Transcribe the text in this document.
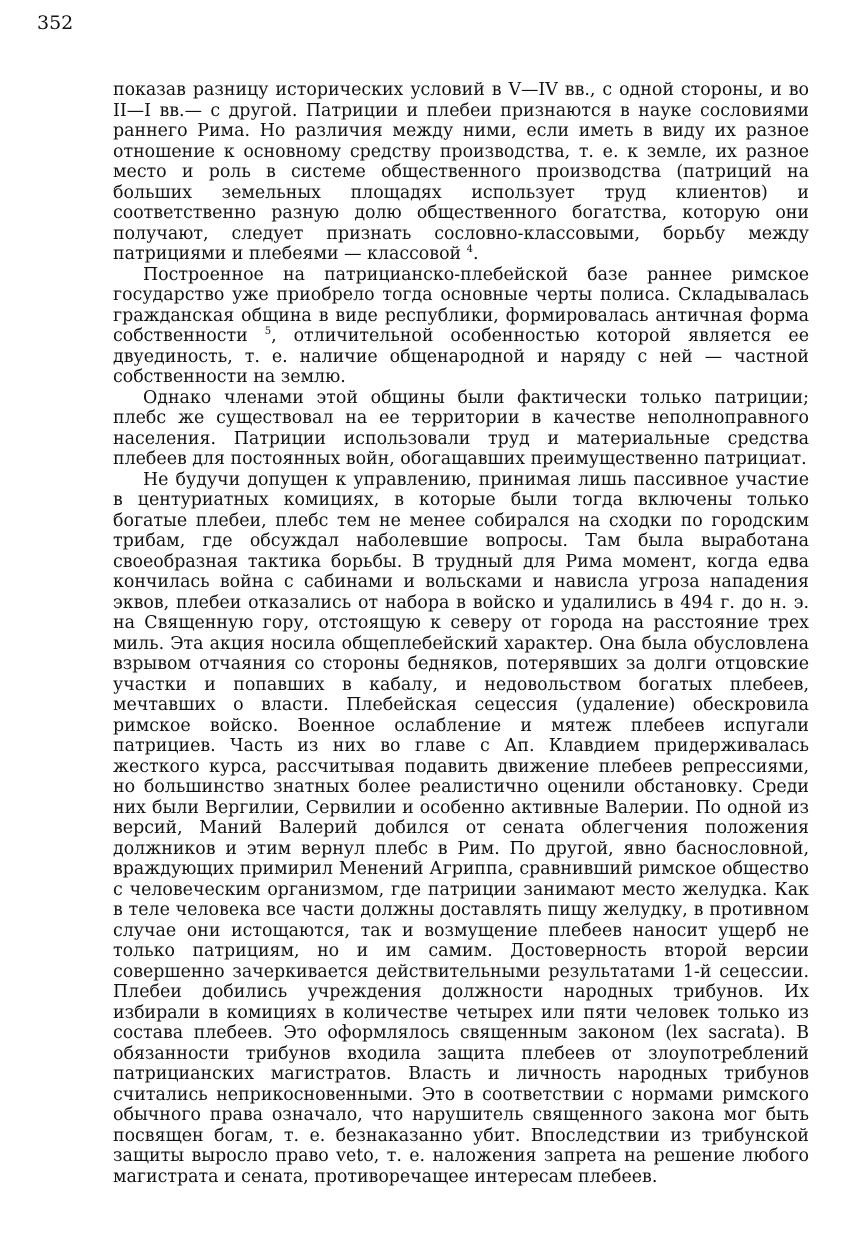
352

показав разницу исторических условий в V—IV вв., с одной стороны, и во II—I вв.— с другой. Патриции и плебеи признаются в науке сословиями раннего Рима. Но различия между ними, если иметь в виду их разное отношение к основному средству производства, т. е. к земле, их разное место и роль в системе общественного производства (патриций на больших земельных площадях использует труд клиентов) и соответственно разную долю общественного богатства, которую они получают, следует признать сословно-классовыми, борьбу между патрициями и плебеями — классовой $^4$.

Построенное на патрицианско-плебейской базе раннее римское государство уже приобрело тогда основные черты полиса. Складывалась гражданская община в виде республики, формировалась античная форма собственности $^5$, отличительной особенностью которой является ее двуединость, т. е. наличие общенародной и наряду с ней — частной собственности на землю.

Однако членами этой общины были фактически только патриции; плебс же существовал на ее территории в качестве неполноправного населения. Патриции использовали труд и материальные средства плебеев для постоянных войн, обогащавших преимущественно патрициат.

Не будучи допущен к управлению, принимая лишь пассивное участие в центуриатных комициях, в которые были тогда включены только богатые плебеи, плебс тем не менее собирался на сходки по городским трибам, где обсуждал наболевшие вопросы. Там была выработана своеобразная тактика борьбы. В трудный для Рима момент, когда едва кончилась война с сабинами и вольсками и нависла угроза нападения эквов, плебеи отказались от набора в войско и удалились в 494 г. до н. э. на Священную гору, отстоящую к северу от города на расстояние трех миль. Эта акция носила общеплебейский характер. Она была обусловлена взрывом отчаяния со стороны бедняков, потерявших за долги отцовские участки и попавших в кабалу, и недовольством богатых плебеев, мечтавших о власти. Плебейская сецессия (удаление) обескровила римское войско. Военное ослабление и мятеж плебеев испугали патрициев. Часть из них во главе с Ап. Клавдием придерживалась жесткого курса, рассчитывая подавить движение плебеев репрессиями, но большинство знатных более реалистично оценили обстановку. Среди них были Вергилии, Сервилии и особенно активные Валерии. По одной из версий, Маний Валерий добился от сената облегчения положения должников и этим вернул плебс в Рим. По другой, явно баснословной, враждующих примирил Менений Агриппа, сравнивший римское общество с человеческим организмом, где патриции занимают место желудка. Как в теле человека все части должны доставлять пищу желудку, в противном случае они истощаются, так и возмущение плебеев наносит ущерб не только патрициям, но и им самим. Достоверность второй версии совершенно зачеркивается действительными результатами 1-й сецессии. Плебеи добились учреждения должности народных трибунов. Их избирали в комициях в количестве четырех или пяти человек только из состава плебеев. Это оформлялось священным законом (lex sacrata). В обязанности трибунов входила защита плебеев от злоупотреблений патрицианских магистратов. Власть и личность народных трибунов считались неприкосновенными. Это в соответствии с нормами римского обычного права означало, что нарушитель священного закона мог быть посвящен богам, т. е. безнаказанно убит. Впоследствии из трибунской защиты выросло право veto, т. е. наложения запрета на решение любого магистрата и сената, противоречащее интересам плебеев.
